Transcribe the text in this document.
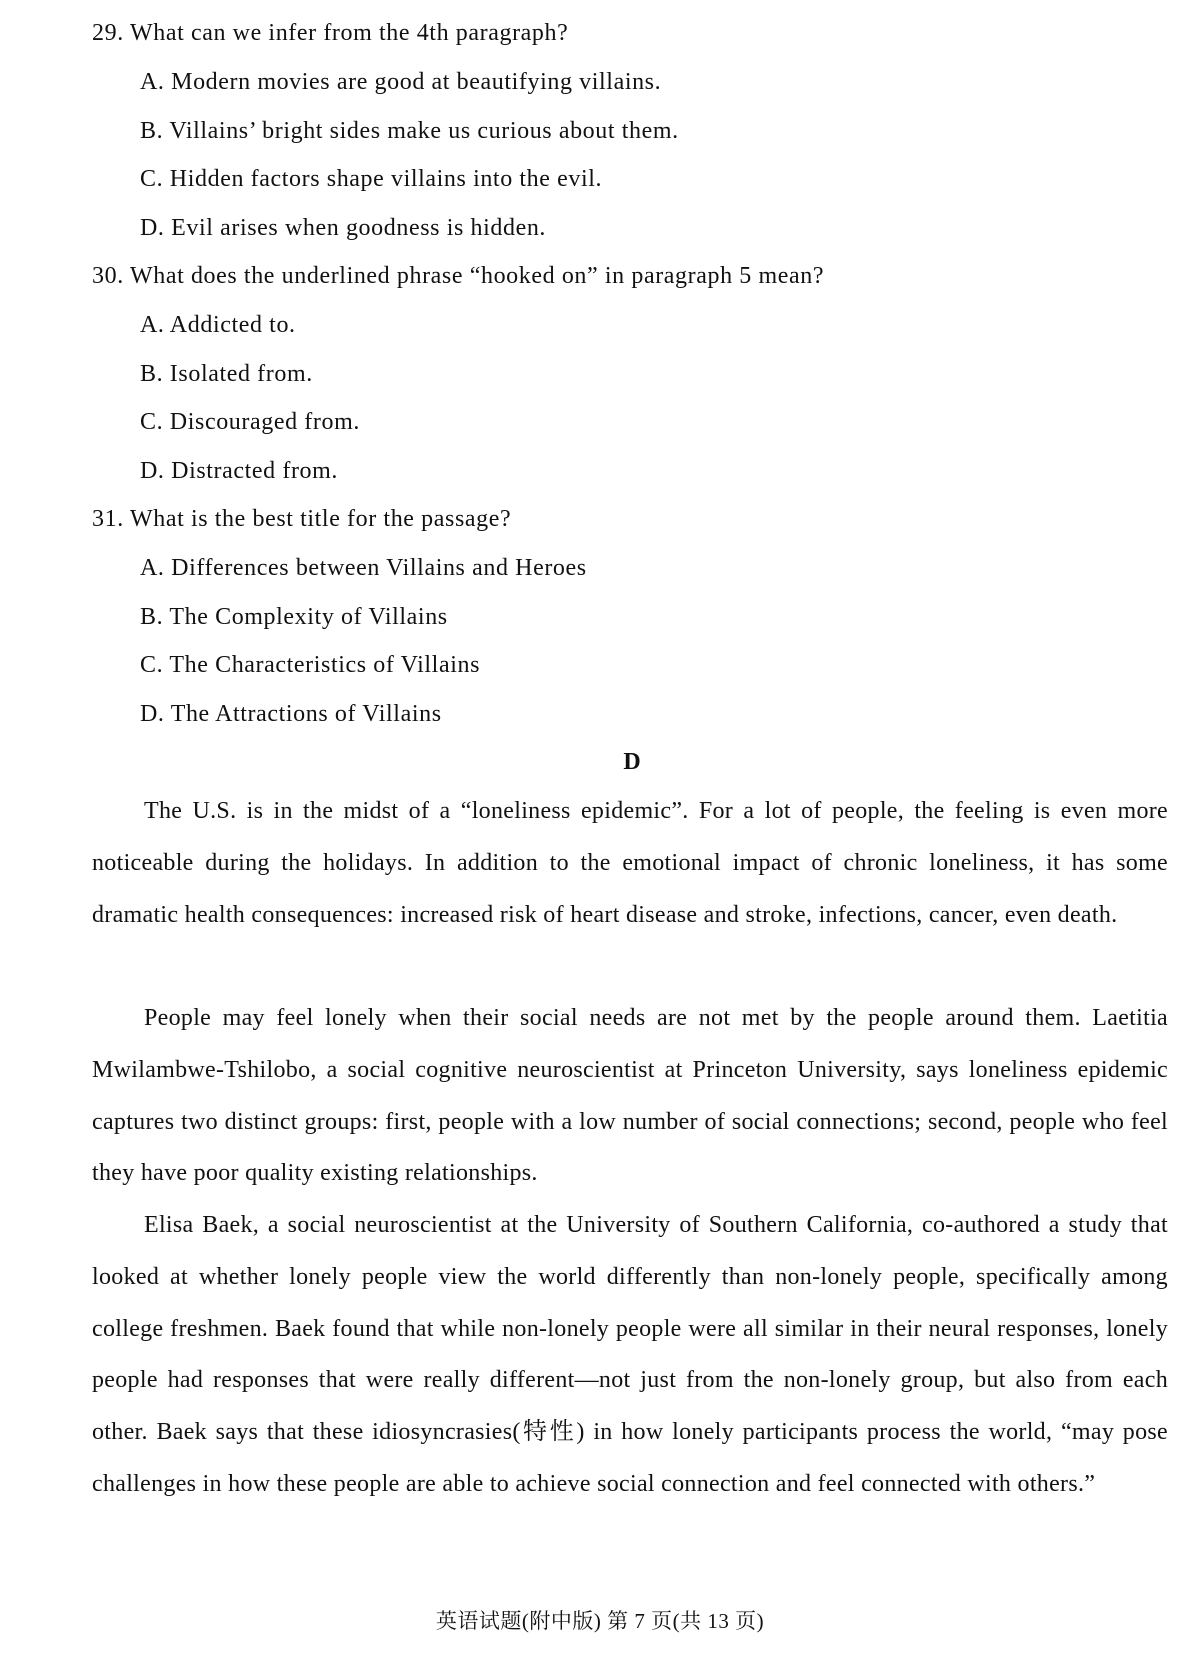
29. What can we infer from the 4th paragraph?
A. Modern movies are good at beautifying villains.
B. Villains’ bright sides make us curious about them.
C. Hidden factors shape villains into the evil.
D. Evil arises when goodness is hidden.
30. What does the underlined phrase “hooked on” in paragraph 5 mean?
A. Addicted to.
B. Isolated from.
C. Discouraged from.
D. Distracted from.
31. What is the best title for the passage?
A. Differences between Villains and Heroes
B. The Complexity of Villains
C. The Characteristics of Villains
D. The Attractions of Villains
D
The U.S. is in the midst of a “loneliness epidemic”. For a lot of people, the feeling is even more noticeable during the holidays. In addition to the emotional impact of chronic loneliness, it has some dramatic health consequences: increased risk of heart disease and stroke, infections, cancer, even death.
People may feel lonely when their social needs are not met by the people around them. Laetitia Mwilambwe-Tshilobo, a social cognitive neuroscientist at Princeton University, says loneliness epidemic captures two distinct groups: first, people with a low number of social connections; second, people who feel they have poor quality existing relationships.
Elisa Baek, a social neuroscientist at the University of Southern California, co-authored a study that looked at whether lonely people view the world differently than non-lonely people, specifically among college freshmen. Baek found that while non-lonely people were all similar in their neural responses, lonely people had responses that were really different—not just from the non-lonely group, but also from each other. Baek says that these idiosyncrasies(特性) in how lonely participants process the world, “may pose challenges in how these people are able to achieve social connection and feel connected with others.”
英语试题(附中版) 第 7 页(共 13 页)
